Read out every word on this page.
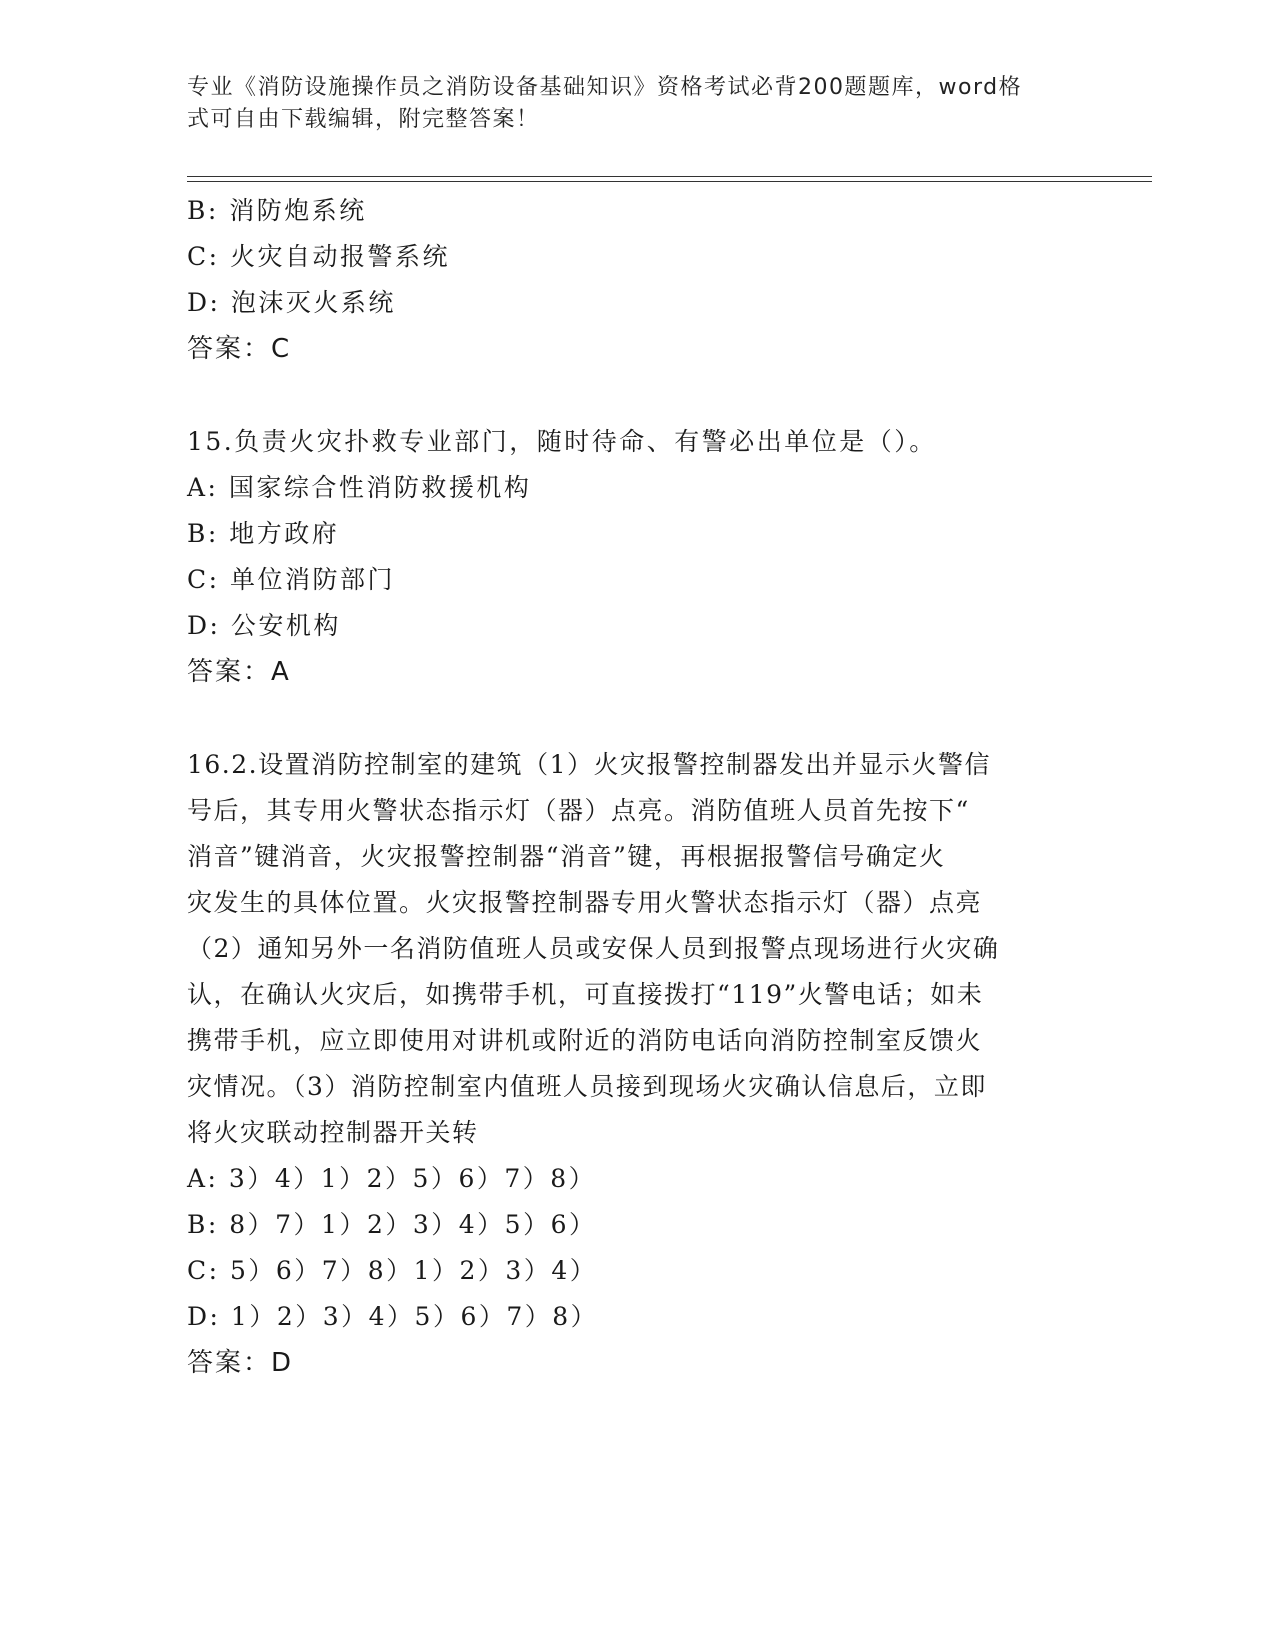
专业《消防设施操作员之消防设备基础知识》资格考试必背200题题库，word格
式可自由下载编辑，附完整答案！
B: 消防炮系统
C: 火灾自动报警系统
D: 泡沫灭火系统
答案：C
15.负责火灾扑救专业部门，随时待命、有警必出单位是（）。
A: 国家综合性消防救援机构
B: 地方政府
C: 单位消防部门
D: 公安机构
答案：A
16.2.设置消防控制室的建筑（1）火灾报警控制器发出并显示火警信
号后，其专用火警状态指示灯（器）点亮。消防值班人员首先按下“
消音”键消音，火灾报警控制器“消音”键，再根据报警信号确定火
灾发生的具体位置。火灾报警控制器专用火警状态指示灯（器）点亮
（2）通知另外一名消防值班人员或安保人员到报警点现场进行火灾确
认，在确认火灾后，如携带手机，可直接拨打“119”火警电话；如未
携带手机，应立即使用对讲机或附近的消防电话向消防控制室反馈火
灾情况。（3）消防控制室内值班人员接到现场火灾确认信息后，立即
将火灾联动控制器开关转
A: 3）4）1）2）5）6）7）8）
B: 8）7）1）2）3）4）5）6）
C: 5）6）7）8）1）2）3）4）
D: 1）2）3）4）5）6）7）8）
答案：D
